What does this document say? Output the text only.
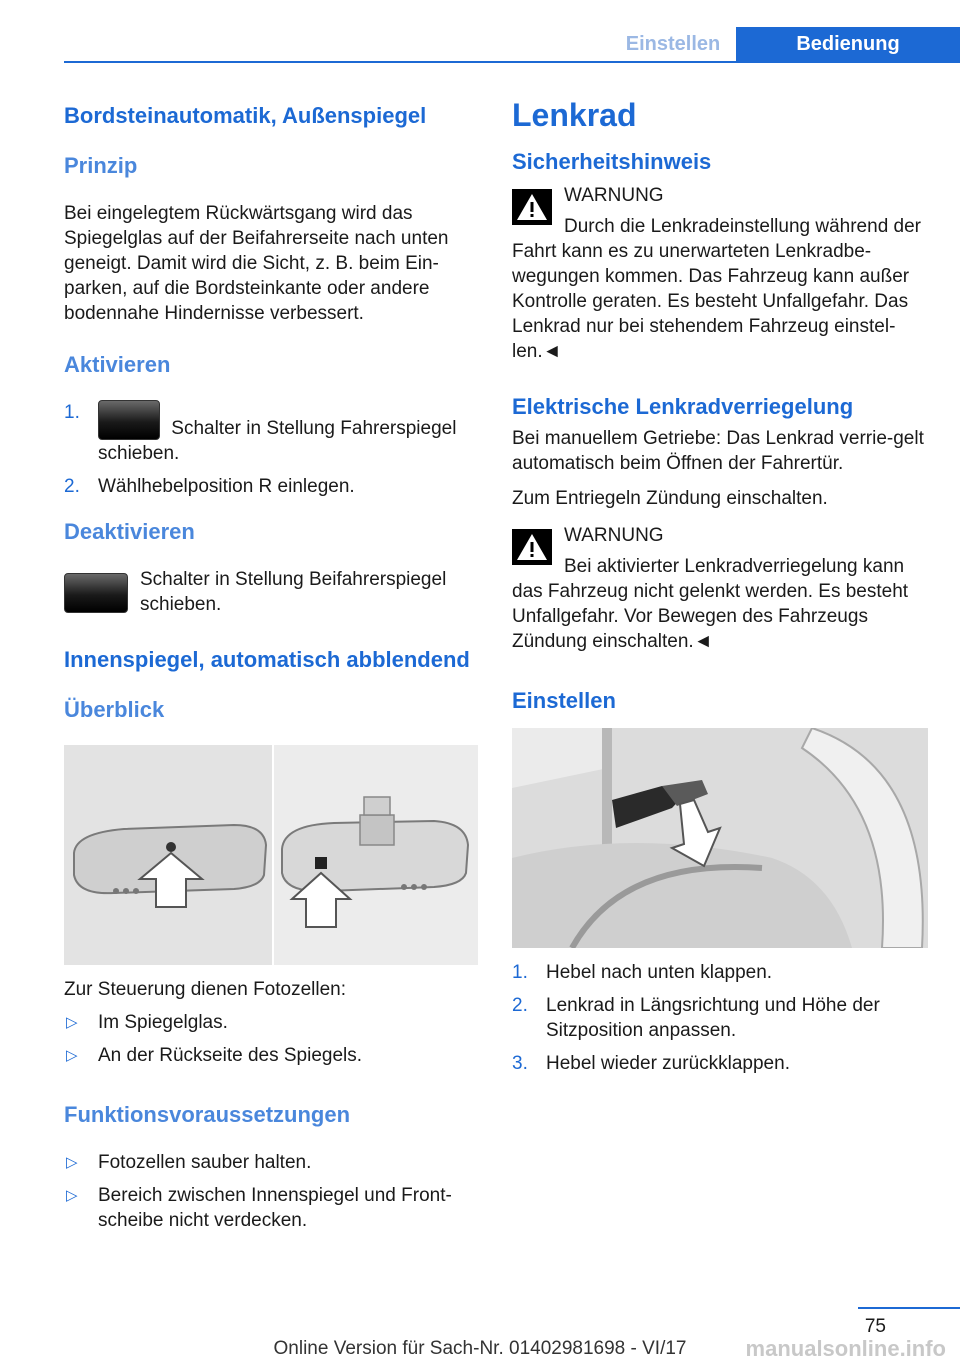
Einstellen	Bedienung
Bordsteinautomatik, Außenspiegel
Prinzip

Bei eingelegtem Rückwärtsgang wird das Spiegelglas auf der Beifahrerseite nach unten geneigt. Damit wird die Sicht, z. B. beim Ein‐parken, auf die Bordsteinkante oder andere bodennahe Hindernisse verbessert.

Aktivieren
1.
Schalter in Stellung Fahrerspiegel schieben.
2. Wählhebelposition R einlegen.
Deaktivieren

Schalter in Stellung Beifahrerspiegel schieben.

Innenspiegel, automatisch abblendend
Überblick

Zur Steuerung dienen Fotozellen:

▷ Im Spiegelglas.
▷ An der Rückseite des Spiegels.
Funktionsvoraussetzungen
▷ Fotozellen sauber halten.
▷ Bereich zwischen Innenspiegel und Front‐scheibe nicht verdecken.
Lenkrad
Sicherheitshinweis

WARNUNG

Durch die Lenkradeinstellung während der Fahrt kann es zu unerwarteten Lenkradbe‐wegungen kommen. Das Fahrzeug kann außer Kontrolle geraten. Es besteht Unfallgefahr. Das Lenkrad nur bei stehendem Fahrzeug einstel‐len.◄

Elektrische Lenkradverriegelung

Bei manuellem Getriebe: Das Lenkrad verrie‐gelt automatisch beim Öffnen der Fahrertür.

Zum Entriegeln Zündung einschalten.

WARNUNG

Bei aktivierter Lenkradverriegelung kann das Fahrzeug nicht gelenkt werden. Es besteht Unfallgefahr. Vor Bewegen des Fahrzeugs Zündung einschalten.◄

Einstellen
1. Hebel nach unten klappen.
2. Lenkrad in Längsrichtung und Höhe der Sitzposition anpassen.
3. Hebel wieder zurückklappen.
75
Online Version für Sach-Nr. 01402981698 - VI/17	manualsonline.info
